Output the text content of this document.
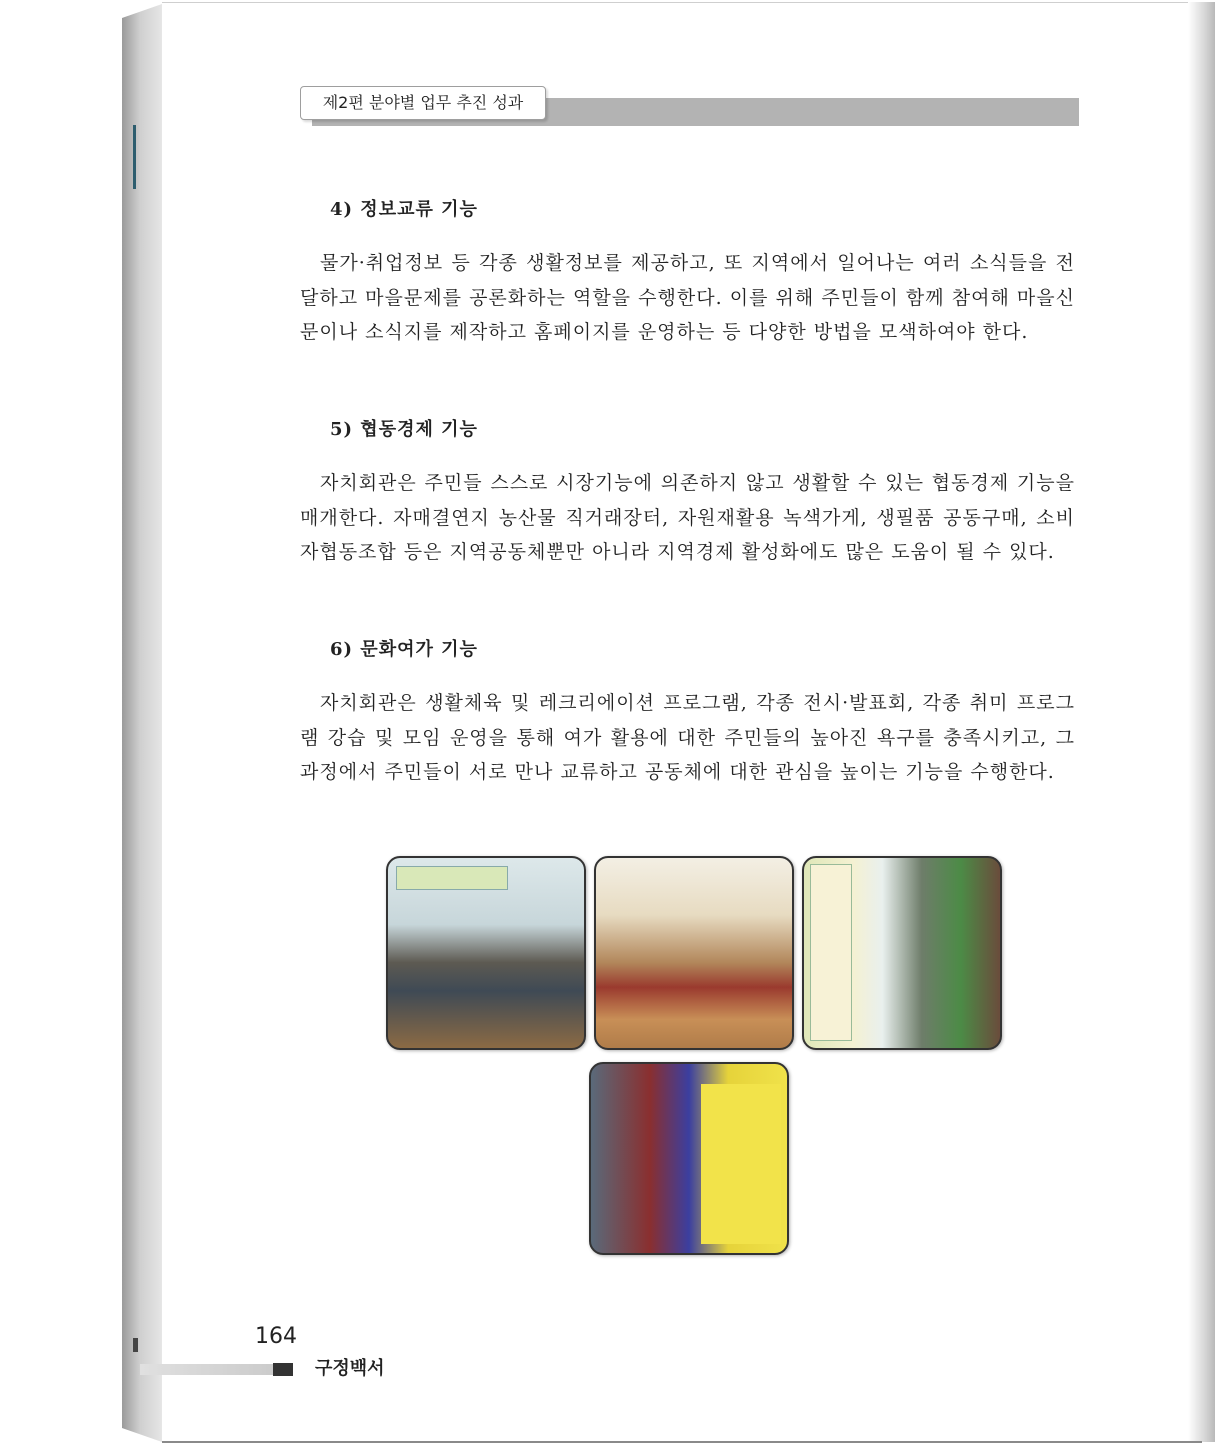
제2편 분야별 업무 추진 성과

4) 정보교류 기능

물가·취업정보 등 각종 생활정보를 제공하고, 또 지역에서 일어나는 여러 소식들을 전달하고 마을문제를 공론화하는 역할을 수행한다. 이를 위해 주민들이 함께 참여해 마을신문이나 소식지를 제작하고 홈페이지를 운영하는 등 다양한 방법을 모색하여야 한다.

5) 협동경제 기능

자치회관은 주민들 스스로 시장기능에 의존하지 않고 생활할 수 있는 협동경제 기능을 매개한다. 자매결연지 농산물 직거래장터, 자원재활용 녹색가게, 생필품 공동구매, 소비자협동조합 등은 지역공동체뿐만 아니라 지역경제 활성화에도 많은 도움이 될 수 있다.

6) 문화여가 기능

자치회관은 생활체육 및 레크리에이션 프로그램, 각종 전시·발표회, 각종 취미 프로그램 강습 및 모임 운영을 통해 여가 활용에 대한 주민들의 높아진 욕구를 충족시키고, 그 과정에서 주민들이 서로 만나 교류하고 공동체에 대한 관심을 높이는 기능을 수행한다.

164
구정백서
